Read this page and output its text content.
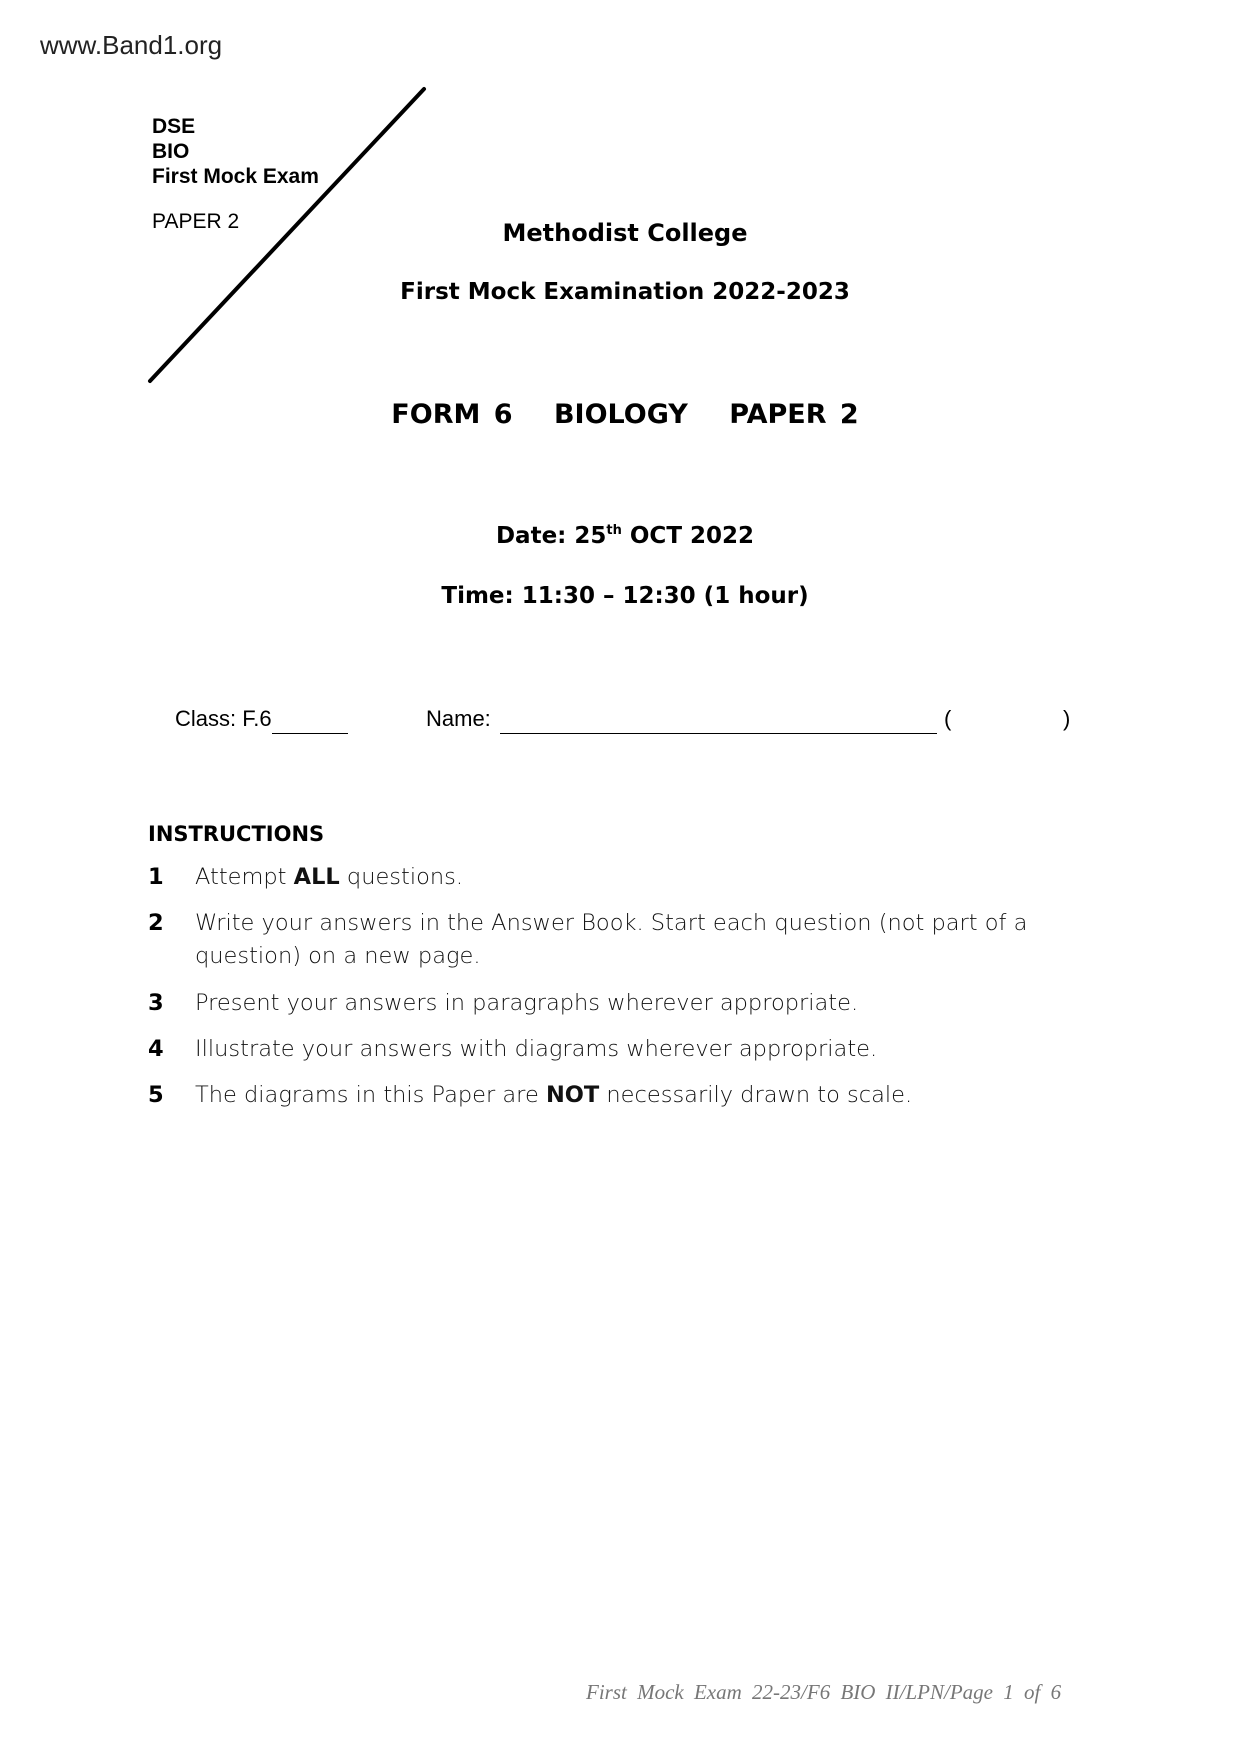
www.Band1.org
DSE
BIO
First Mock Exam
PAPER 2	Methodist College
First Mock Examination 2022-2023
FORM 6 BIOLOGY PAPER 2
Date: 25th OCT 2022
Time: 11:30 – 12:30 (1 hour)
Class: F.6	Name:	(	)
INSTRUCTIONS
1	Attempt ALL questions.
2	Write your answers in the Answer Book. Start each question (not part of a
question) on a new page.
3	Present your answers in paragraphs wherever appropriate.
4	Illustrate your answers with diagrams wherever appropriate.
5	The diagrams in this Paper are NOT necessarily drawn to scale.
First Mock Exam 22-23/F6 BIO II/LPN/Page 1 of 6
